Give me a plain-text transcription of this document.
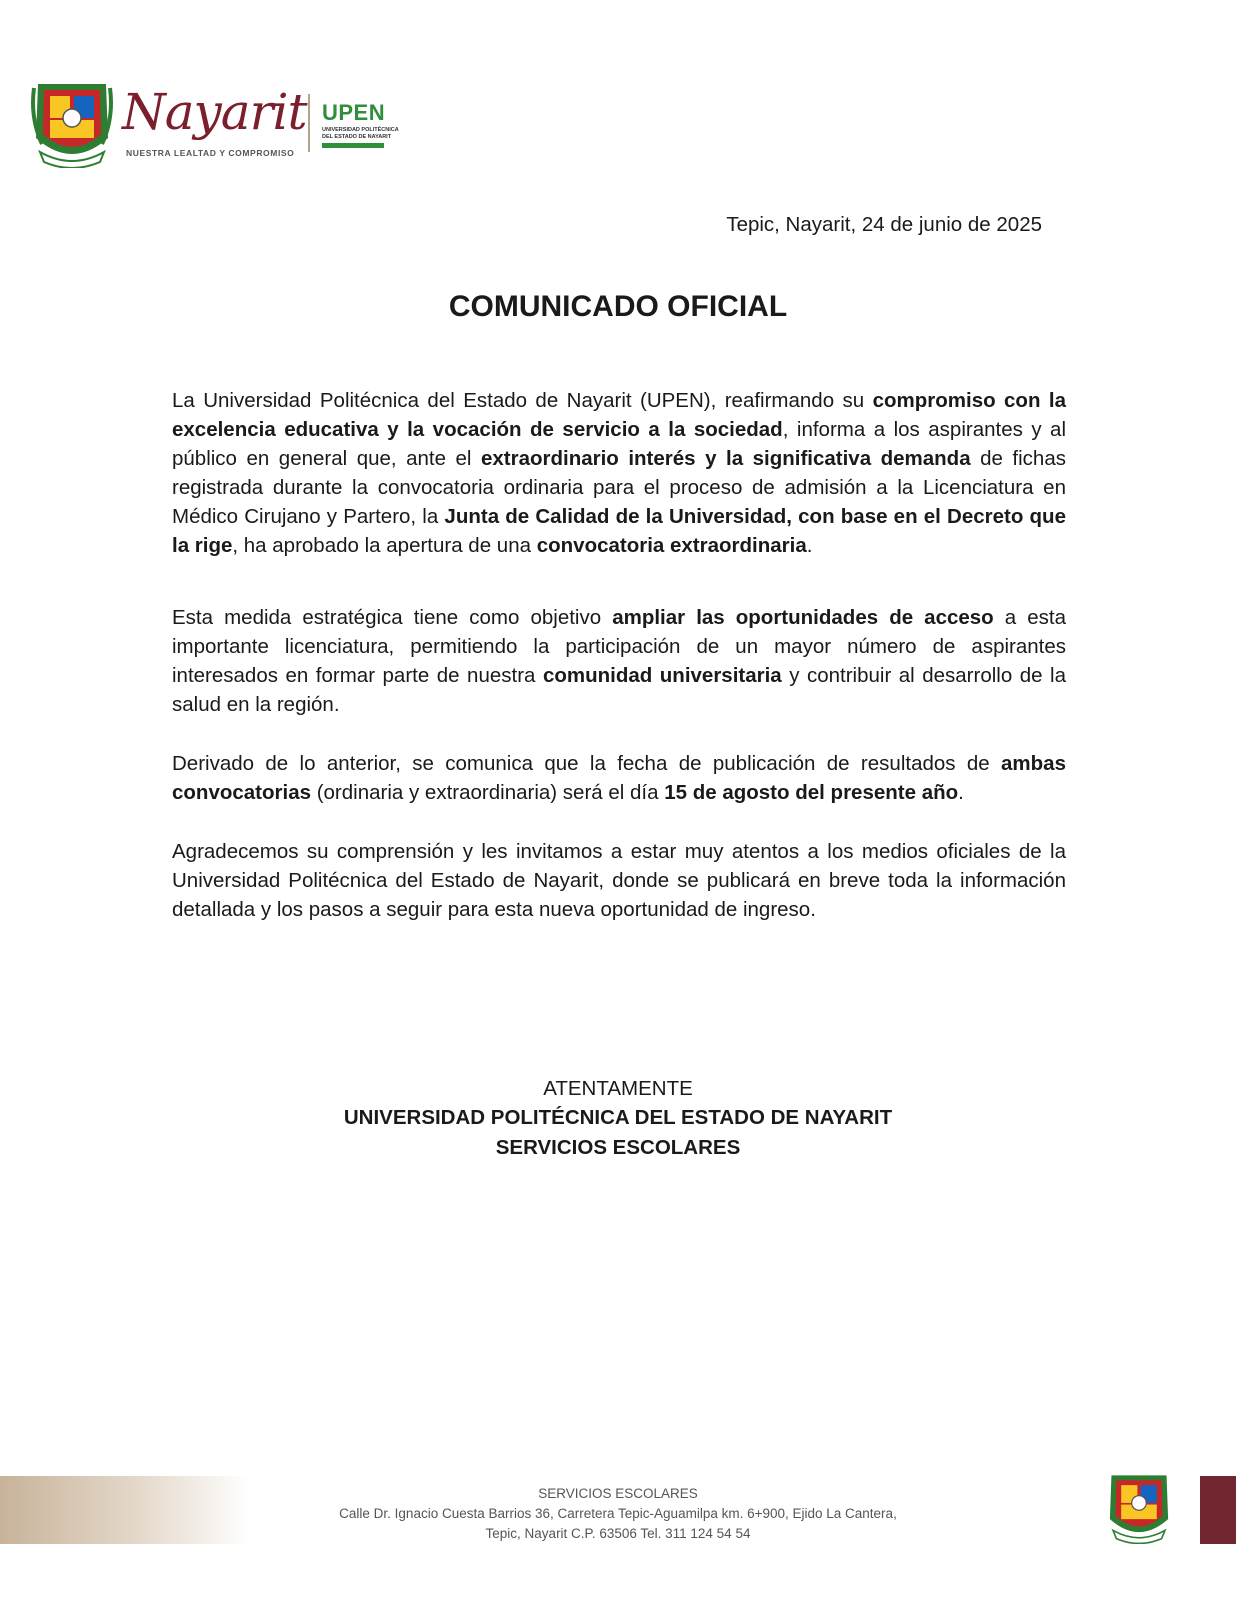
Nayarit
NUESTRA LEALTAD Y COMPROMISO
UPEN
UNIVERSIDAD POLITÉCNICA
DEL ESTADO DE NAYARIT
Tepic, Nayarit, 24 de junio de 2025
COMUNICADO OFICIAL
La Universidad Politécnica del Estado de Nayarit (UPEN), reafirmando su compromiso con la excelencia educativa y la vocación de servicio a la sociedad, informa a los aspirantes y al público en general que, ante el extraordinario interés y la significativa demanda de fichas registrada durante la convocatoria ordinaria para el proceso de admisión a la Licenciatura en Médico Cirujano y Partero, la Junta de Calidad de la Universidad, con base en el Decreto que la rige, ha aprobado la apertura de una convocatoria extraordinaria.
Esta medida estratégica tiene como objetivo ampliar las oportunidades de acceso a esta importante licenciatura, permitiendo la participación de un mayor número de aspirantes interesados en formar parte de nuestra comunidad universitaria y contribuir al desarrollo de la salud en la región.
Derivado de lo anterior, se comunica que la fecha de publicación de resultados de ambas convocatorias (ordinaria y extraordinaria) será el día 15 de agosto del presente año.
Agradecemos su comprensión y les invitamos a estar muy atentos a los medios oficiales de la Universidad Politécnica del Estado de Nayarit, donde se publicará en breve toda la información detallada y los pasos a seguir para esta nueva oportunidad de ingreso.
ATENTAMENTE
UNIVERSIDAD POLITÉCNICA DEL ESTADO DE NAYARIT
SERVICIOS ESCOLARES
SERVICIOS ESCOLARES
Calle Dr. Ignacio Cuesta Barrios 36, Carretera Tepic-Aguamilpa km. 6+900, Ejido La Cantera,
Tepic, Nayarit C.P. 63506 Tel. 311 124 54 54
